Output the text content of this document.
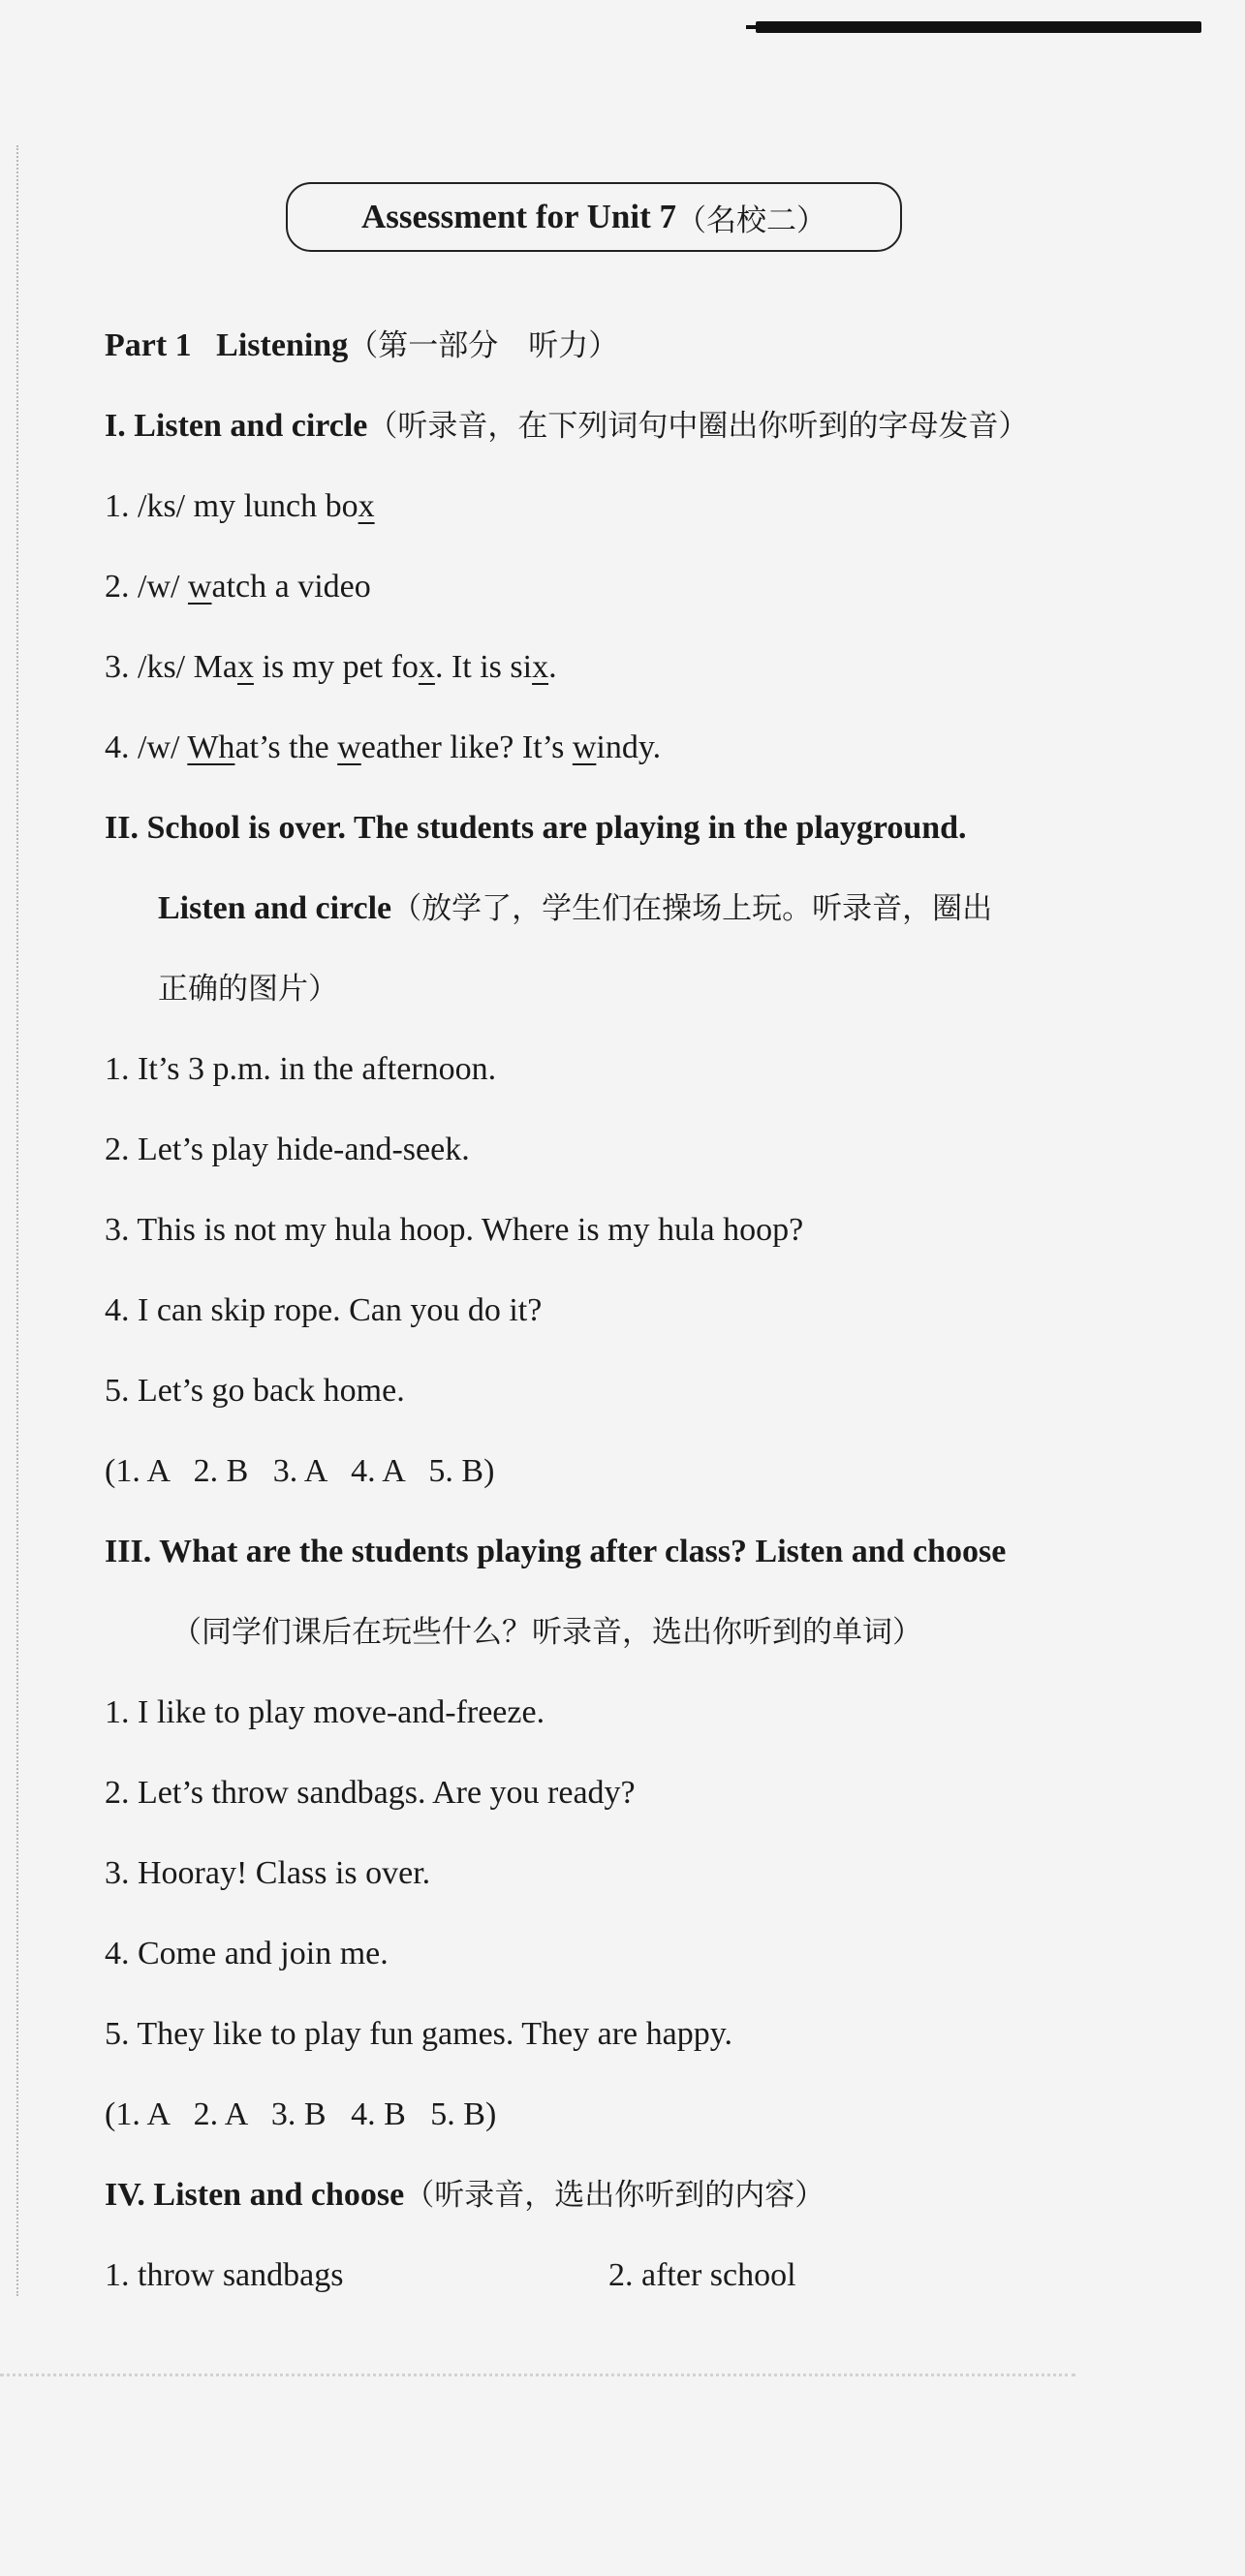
Assessment for Unit 7 （名校二）
Part 1   Listening（第一部分　听力）
I. Listen and circle（听录音，在下列词句中圈出你听到的字母发音）
1. /ks/ my lunch box
2. /w/ watch a video
3. /ks/ Max is my pet fox. It is six.
4. /w/ What’s the weather like? It’s windy.
II. School is over. The students are playing in the playground.
Listen and circle（放学了，学生们在操场上玩。听录音，圈出
正确的图片）
1. It’s 3 p.m. in the afternoon.
2. Let’s play hide-and-seek.
3. This is not my hula hoop. Where is my hula hoop?
4. I can skip rope. Can you do it?
5. Let’s go back home.
(1. A   2. B   3. A   4. A   5. B)
III. What are the students playing after class? Listen and choose
（同学们课后在玩些什么？听录音，选出你听到的单词）
1. I like to play move-and-freeze.
2. Let’s throw sandbags. Are you ready?
3. Hooray! Class is over.
4. Come and join me.
5. They like to play fun games. They are happy.
(1. A   2. A   3. B   4. B   5. B)
IV. Listen and choose（听录音，选出你听到的内容）
1. throw sandbags	2. after school
